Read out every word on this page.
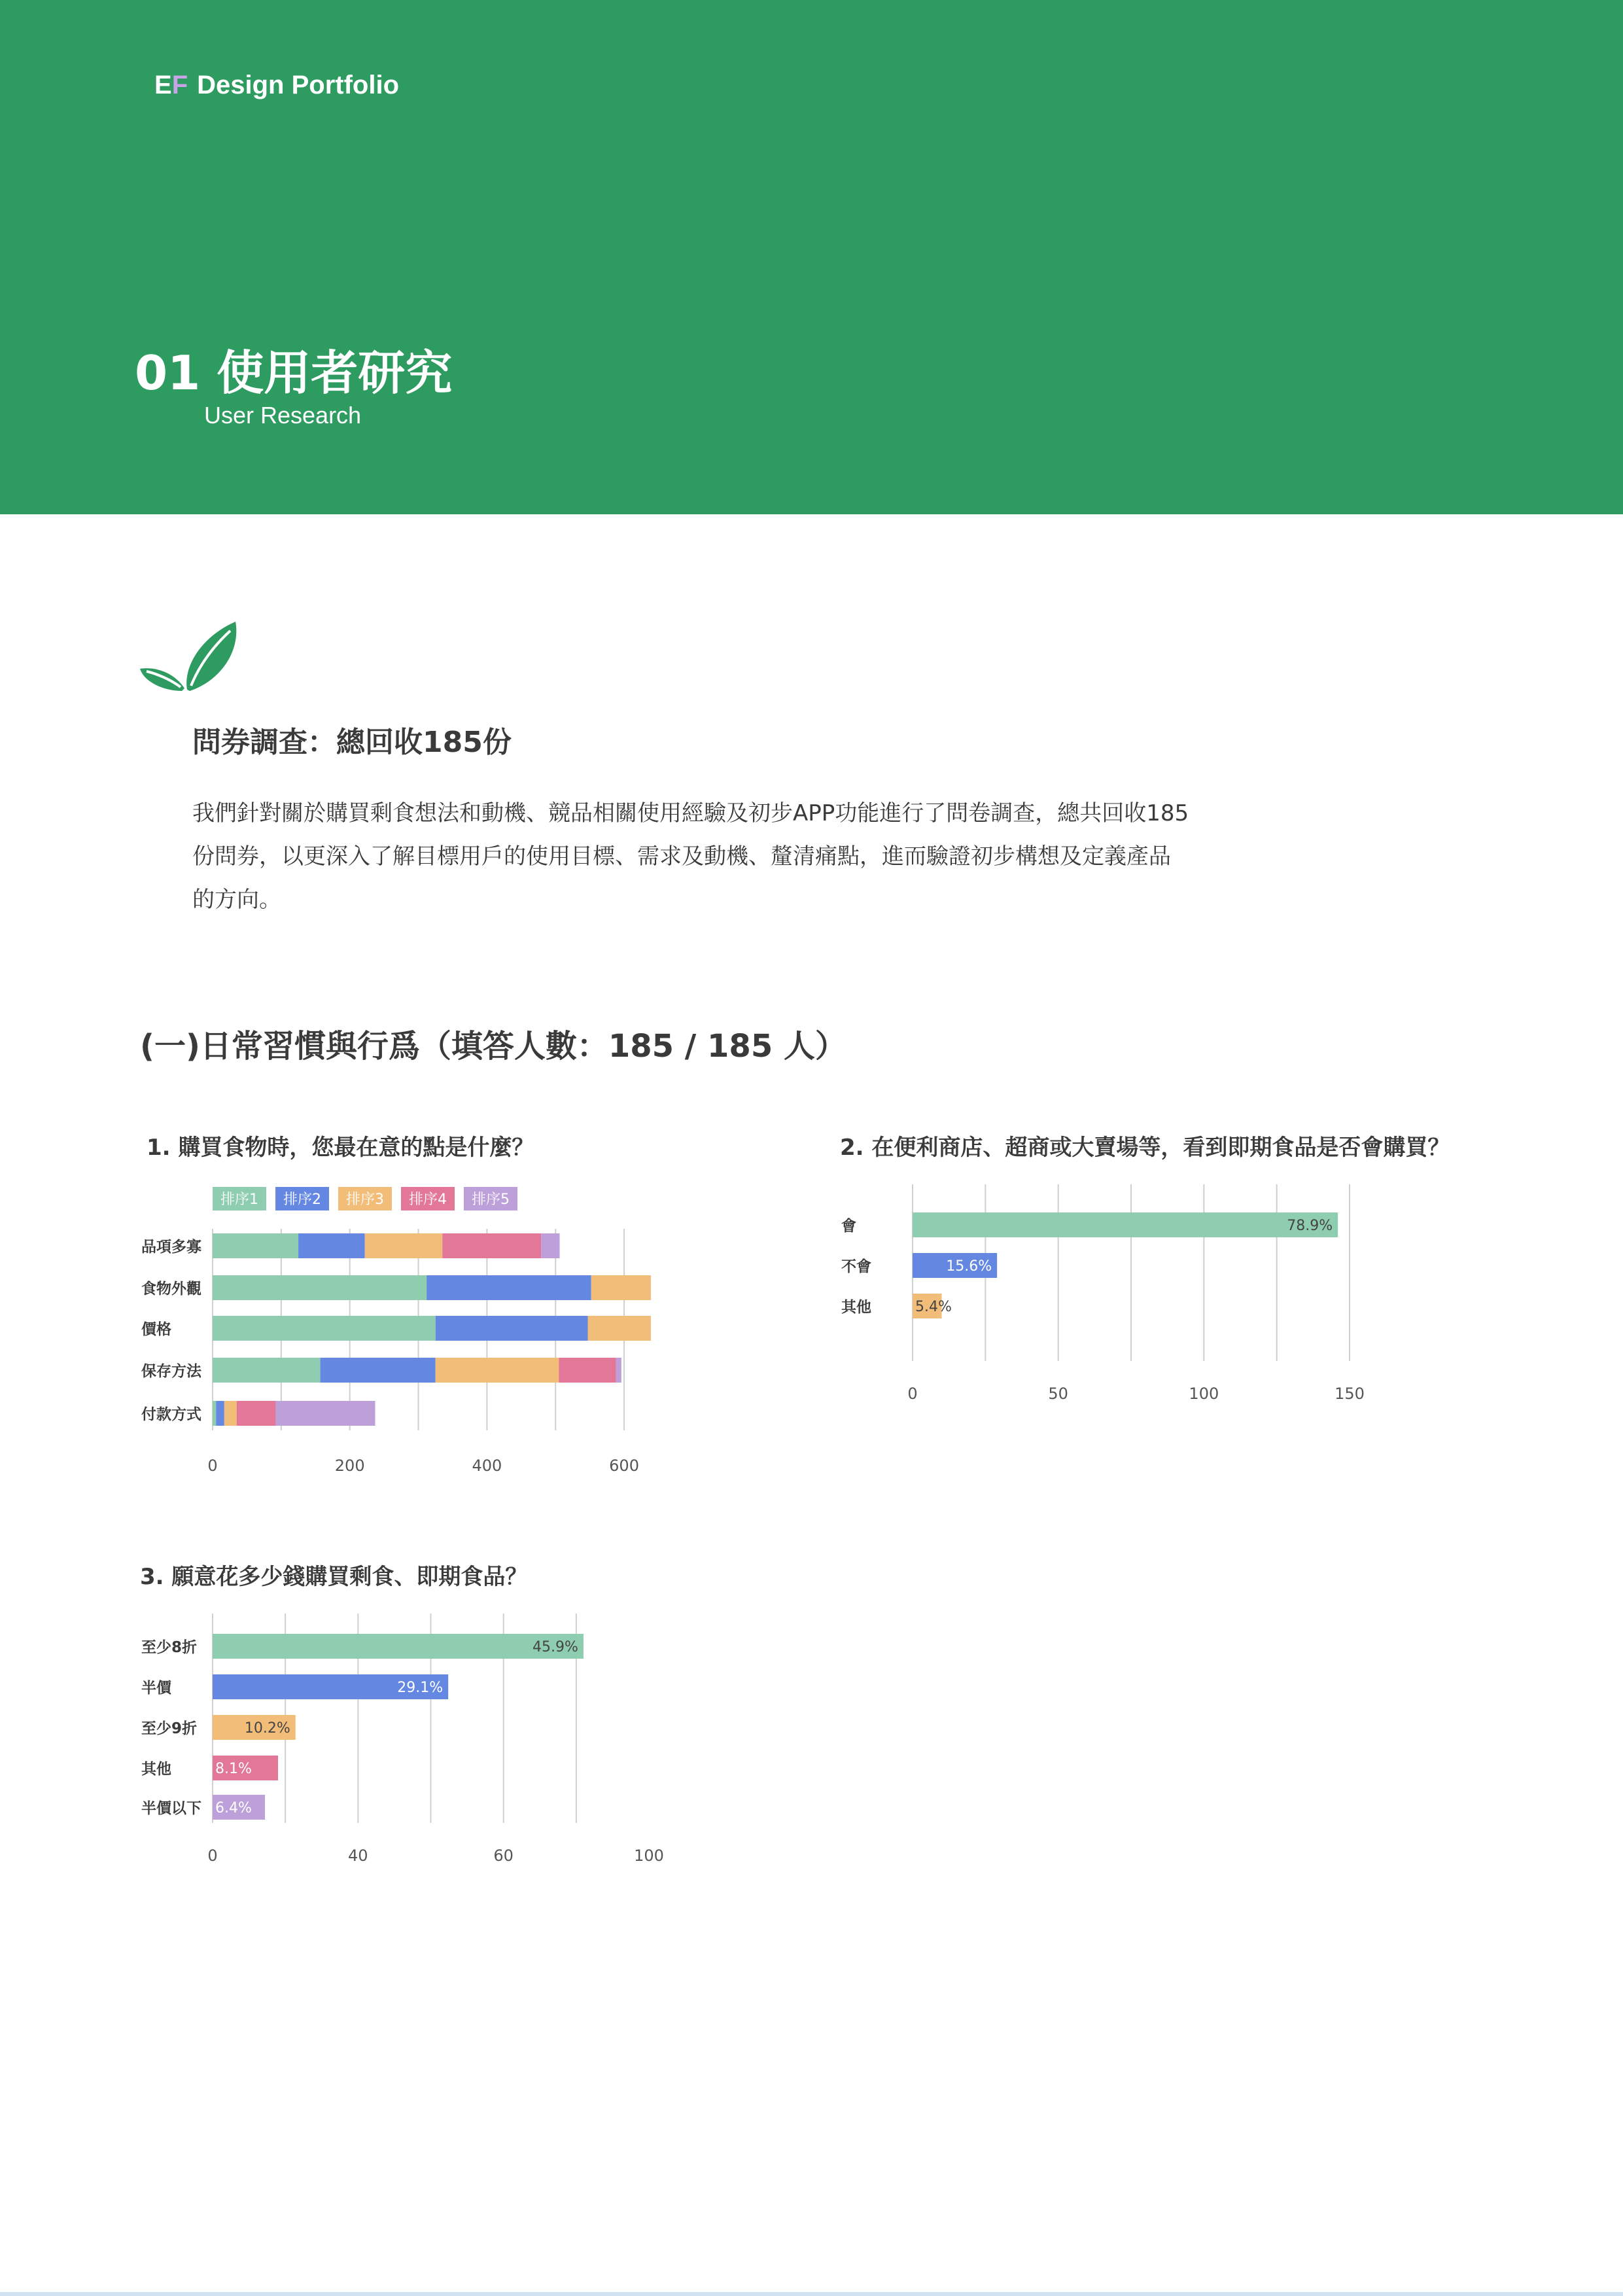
E F Design Portfolio
01 使用者研究
User Research
問券調查：總回收185份
我們針對關於購買剩食想法和動機、競品相關使用經驗及初步APP功能進行了問卷調查，總共回收185
份問券，以更深入了解目標用戶的使用目標、需求及動機、釐清痛點，進而驗證初步構想及定義產品
的方向。
(一)日常習慣與行爲（填答人數：185 / 185 人）
1. 購買食物時，您最在意的點是什麼？
排序1 排序2 排序3 排序4 排序5
0	200	400	600
品項多寡
食物外觀
價格
保存方法
付款方式
2. 在便利商店、超商或大賣場等，看到即期食品是否會購買？
0	50	100	150
會	78.9%
不會	15.6%
其他	5.4%
3. 願意花多少錢購買剩食、即期食品？
0	40	60	100
至少8折	45.9%
半價	29.1%
至少9折	10.2%
其他	8.1%
半價以下 6.4%
